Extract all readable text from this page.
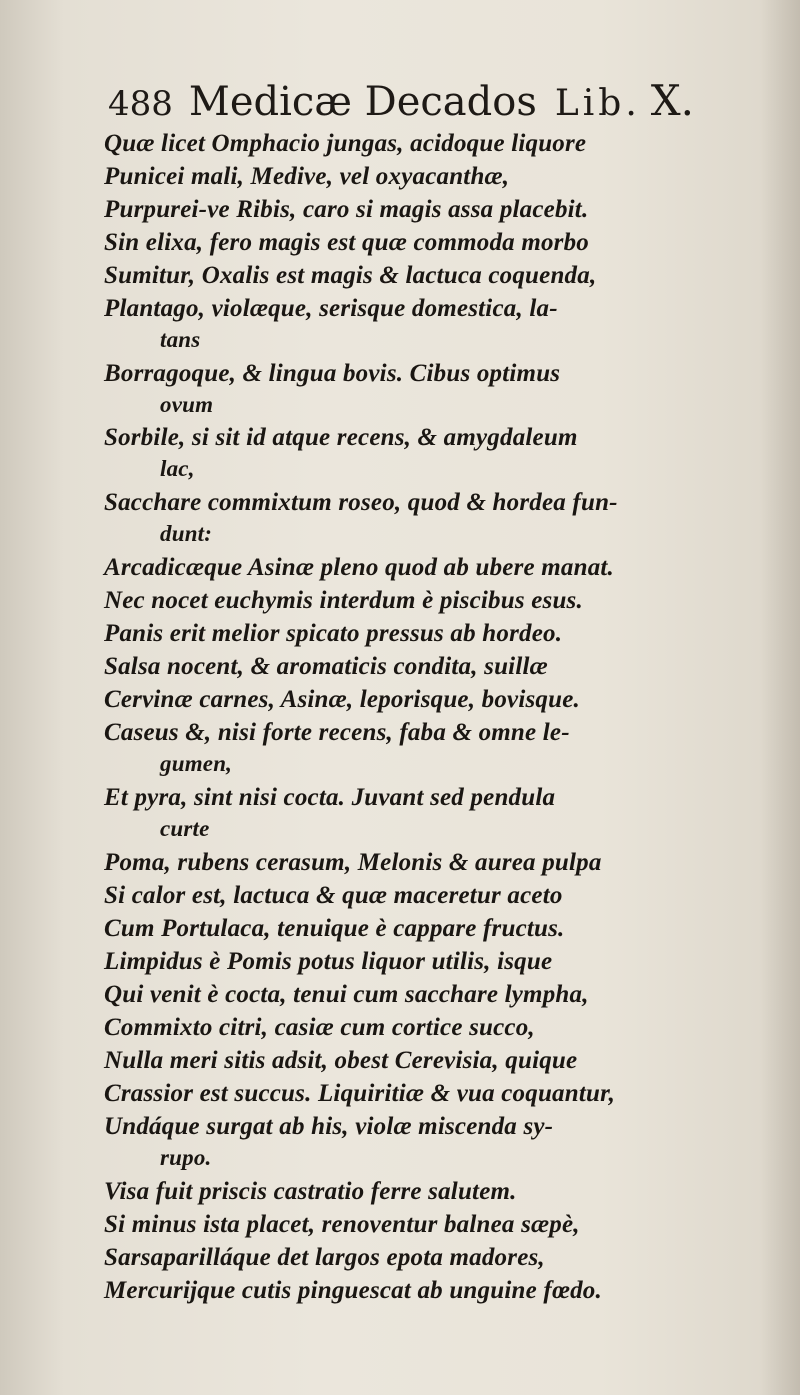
488 Medicæ Decados Lib. X.
Quæ licet Omphacio jungas, acidoque liquore
Punicei mali, Medive, vel oxyacanthæ,
Purpurei-ve Ribis, caro si magis assa placebit.
Sin elixa, fero magis est quæ commoda morbo
Sumitur, Oxalis est magis & lactuca coquenda,
Plantago, violæque, serisque domestica, la-
tans
Borragoque, & lingua bovis. Cibus optimus
ovum
Sorbile, si sit id atque recens, & amygdaleum
lac,
Sacchare commixtum roseo, quod & hordea fun-
dunt:
Arcadicæque Asinæ pleno quod ab ubere manat.
Nec nocet euchymis interdum è piscibus esus.
Panis erit melior spicato pressus ab hordeo.
Salsa nocent, & aromaticis condita, suillæ
Cervinæ carnes, Asinæ, leporisque, bovisque.
Caseus &, nisi forte recens, faba & omne le-
gumen,
Et pyra, sint nisi cocta. Juvant sed pendula
curte
Poma, rubens cerasum, Melonis & aurea pulpa
Si calor est, lactuca & quæ maceretur aceto
Cum Portulaca, tenuique è cappare fructus.
Limpidus è Pomis potus liquor utilis, isque
Qui venit è cocta, tenui cum sacchare lympha,
Commixto citri, casiæ cum cortice succo,
Nulla meri sitis adsit, obest Cerevisia, quique
Crassior est succus. Liquiritiæ & vua coquantur,
Undáque surgat ab his, violæ miscenda sy-
rupo.
Visa fuit priscis castratio ferre salutem.
Si minus ista placet, renoventur balnea sæpè,
Sarsaparilláque det largos epota madores,
Mercurijque cutis pinguescat ab unguine fœdo.
